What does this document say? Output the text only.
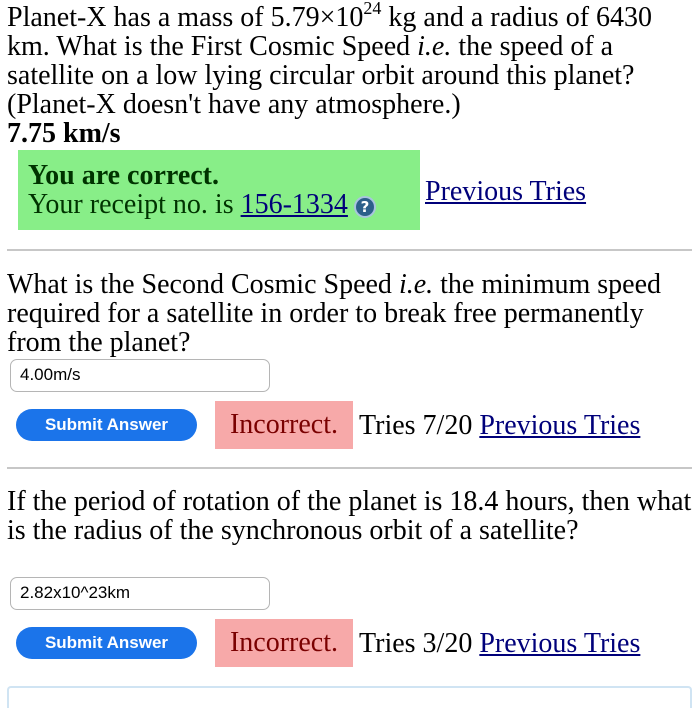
Planet-X has a mass of $5.79\times 10^{24}$ kg and a radius of 6430 km. What is the First Cosmic Speed i.e. the speed of a satellite on a low lying circular orbit around this planet? (Planet-X doesn't have any atmosphere.)

7.75 km/s
You are correct.
Your receipt no. is 156-1334 ? Previous Tries

What is the Second Cosmic Speed i.e. the minimum speed required for a satellite in order to break free permanently from the planet?

4.00m/s
Submit Answer	Incorrect. Tries 7/20 Previous Tries

If the period of rotation of the planet is 18.4 hours, then what is the radius of the synchronous orbit of a satellite?

2.82x10^23km
Submit Answer	Incorrect. Tries 3/20 Previous Tries
